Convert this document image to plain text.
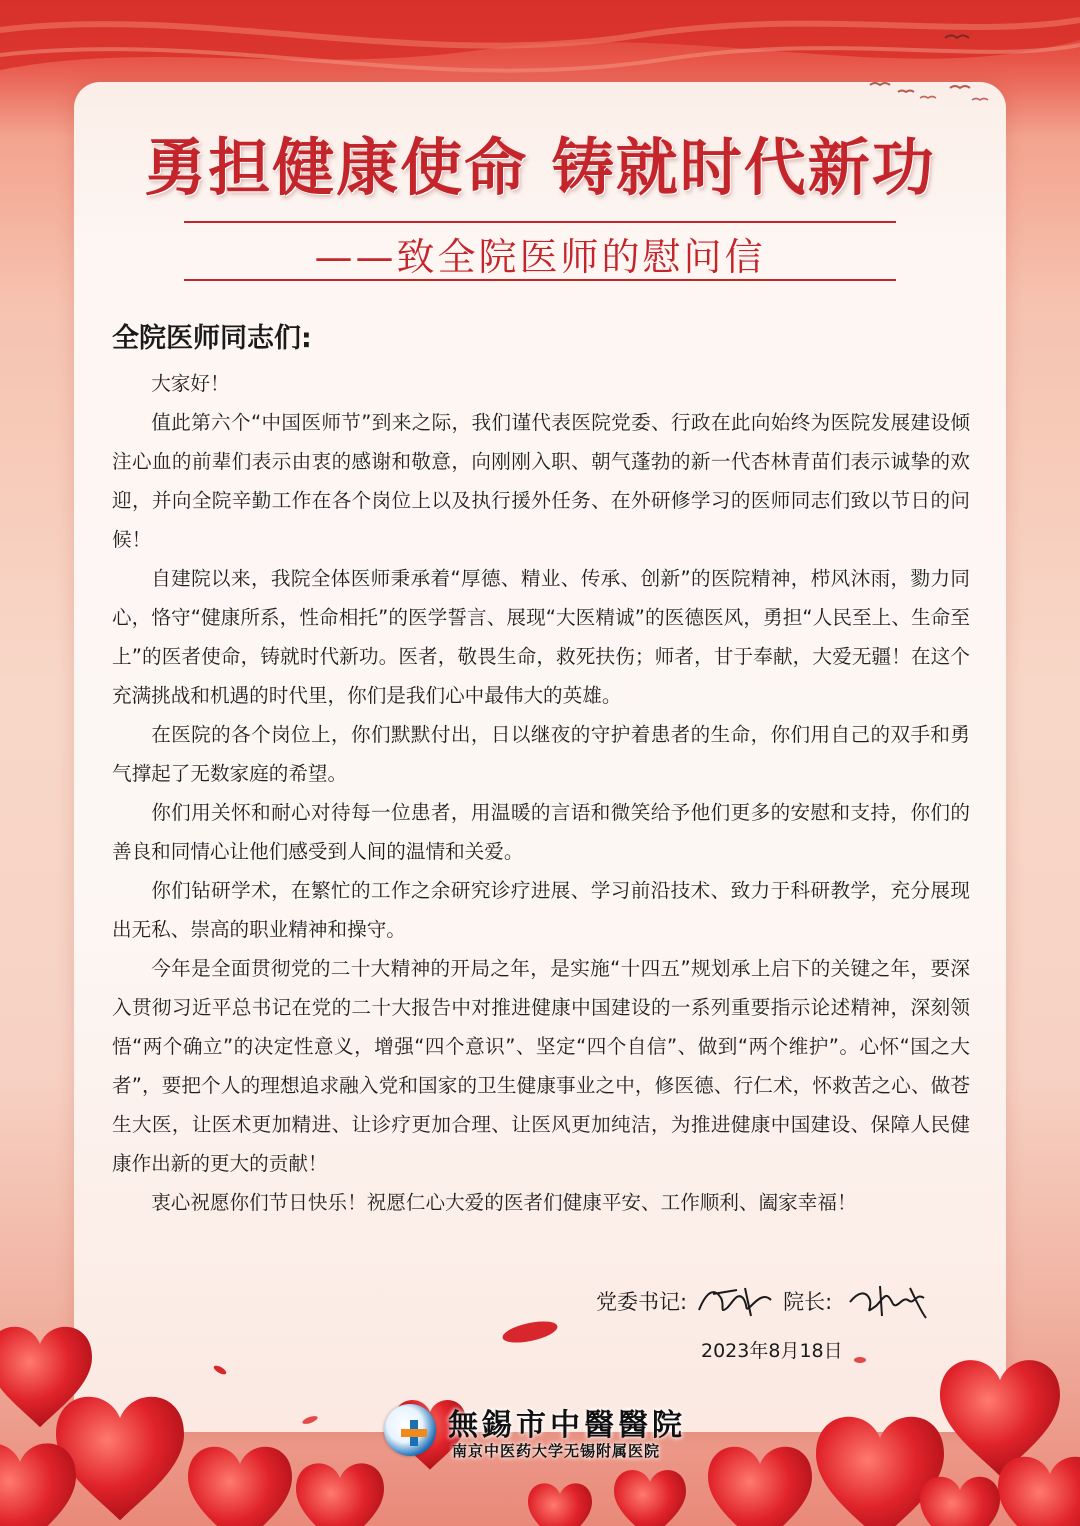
勇担健康使命 铸就时代新功
——致全院医师的慰问信
全院医师同志们:

大家好！

值此第六个“中国医师节”到来之际，我们谨代表医院党委、行政在此向始终为医院发展建设倾注心血的前辈们表示由衷的感谢和敬意，向刚刚入职、朝气蓬勃的新一代杏林青苗们表示诚挚的欢迎，并向全院辛勤工作在各个岗位上以及执行援外任务、在外研修学习的医师同志们致以节日的问候！

自建院以来，我院全体医师秉承着“厚德、精业、传承、创新”的医院精神，栉风沐雨，勠力同心，恪守“健康所系，性命相托”的医学誓言、展现“大医精诚”的医德医风，勇担“人民至上、生命至上”的医者使命，铸就时代新功。医者，敬畏生命，救死扶伤；师者，甘于奉献，大爱无疆！在这个充满挑战和机遇的时代里，你们是我们心中最伟大的英雄。

在医院的各个岗位上，你们默默付出，日以继夜的守护着患者的生命，你们用自己的双手和勇气撑起了无数家庭的希望。

你们用关怀和耐心对待每一位患者，用温暖的言语和微笑给予他们更多的安慰和支持，你们的善良和同情心让他们感受到人间的温情和关爱。

你们钻研学术，在繁忙的工作之余研究诊疗进展、学习前沿技术、致力于科研教学，充分展现出无私、崇高的职业精神和操守。

今年是全面贯彻党的二十大精神的开局之年，是实施“十四五”规划承上启下的关键之年，要深入贯彻习近平总书记在党的二十大报告中对推进健康中国建设的一系列重要指示论述精神，深刻领悟“两个确立”的决定性意义，增强“四个意识”、坚定“四个自信”、做到“两个维护”。心怀“国之大者”，要把个人的理想追求融入党和国家的卫生健康事业之中，修医德、行仁术，怀救苦之心、做苍生大医，让医术更加精进、让诊疗更加合理、让医风更加纯洁，为推进健康中国建设、保障人民健康作出新的更大的贡献！

衷心祝愿你们节日快乐！祝愿仁心大爱的医者们健康平安、工作顺利、阖家幸福！

党委书记:	院长:
2023年8月18日
無錫市中醫醫院
南京中医药大学无锡附属医院
